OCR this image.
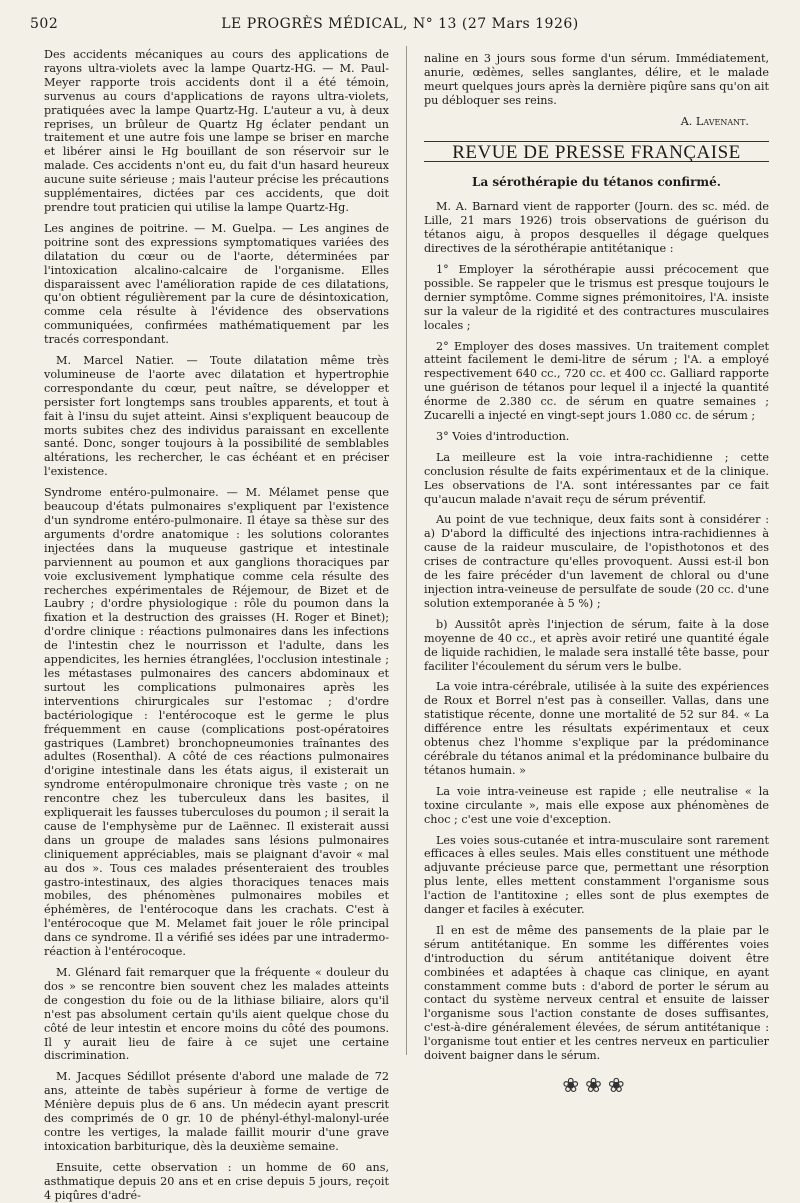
502	LE PROGRÈS MÉDICAL, N° 13 (27 Mars 1926)

Des accidents mécaniques au cours des applications de rayons ultra-violets avec la lampe Quartz-HG. — M. Paul-Meyer rapporte trois accidents dont il a été témoin, survenus au cours d'applications de rayons ultra-violets, pratiquées avec la lampe Quartz-Hg. L'auteur a vu, à deux reprises, un brûleur de Quartz Hg éclater pendant un traitement et une autre fois une lampe se briser en marche et libérer ainsi le Hg bouillant de son réservoir sur le malade. Ces accidents n'ont eu, du fait d'un hasard heureux aucune suite sérieuse ; mais l'auteur précise les précautions supplémentaires, dictées par ces accidents, que doit prendre tout praticien qui utilise la lampe Quartz-Hg.

Les angines de poitrine. — M. Guelpa. — Les angines de poitrine sont des expressions symptomatiques variées des dilatation du cœur ou de l'aorte, déterminées par l'intoxication alcalino-calcaire de l'organisme. Elles disparaissent avec l'amélioration rapide de ces dilatations, qu'on obtient régulièrement par la cure de désintoxication, comme cela résulte à l'évidence des observations communiquées, confirmées mathématiquement par les tracés correspondant.

M. Marcel Natier. — Toute dilatation même très volumineuse de l'aorte avec dilatation et hypertrophie correspondante du cœur, peut naître, se développer et persister fort longtemps sans troubles apparents, et tout à fait à l'insu du sujet atteint. Ainsi s'expliquent beaucoup de morts subites chez des individus paraissant en excellente santé. Donc, songer toujours à la possibilité de semblables altérations, les rechercher, le cas échéant et en préciser l'existence.

Syndrome entéro-pulmonaire. — M. Mélamet pense que beaucoup d'états pulmonaires s'expliquent par l'existence d'un syndrome entéro-pulmonaire. Il étaye sa thèse sur des arguments d'ordre anatomique : les solutions colorantes injectées dans la muqueuse gastrique et intestinale parviennent au poumon et aux ganglions thoraciques par voie exclusivement lymphatique comme cela résulte des recherches expérimentales de Réjemour, de Bizet et de Laubry ; d'ordre physiologique : rôle du poumon dans la fixation et la destruction des graisses (H. Roger et Binet); d'ordre clinique : réactions pulmonaires dans les infections de l'intestin chez le nourrisson et l'adulte, dans les appendicites, les hernies étranglées, l'occlusion intestinale ; les métastases pulmonaires des cancers abdominaux et surtout les complications pulmonaires après les interventions chirurgicales sur l'estomac ; d'ordre bactériologique : l'entérocoque est le germe le plus fréquemment en cause (complications post-opératoires gastriques (Lambret) bronchopneumonies traînantes des adultes (Rosenthal). A côté de ces réactions pulmonaires d'origine intestinale dans les états aigus, il existerait un syndrome entéropulmonaire chronique très vaste ; on ne rencontre chez les tuberculeux dans les basites, il expliquerait les fausses tuberculoses du poumon ; il serait la cause de l'emphysème pur de Laënnec. Il existerait aussi dans un groupe de malades sans lésions pulmonaires cliniquement appréciables, mais se plaignant d'avoir « mal au dos ». Tous ces malades présenteraient des troubles gastro-intestinaux, des algies thoraciques tenaces mais mobiles, des phénomènes pulmonaires mobiles et éphémères, de l'entérocoque dans les crachats. C'est à l'entérocoque que M. Melamet fait jouer le rôle principal dans ce syndrome. Il a vérifié ses idées par une intradermo-réaction à l'entérocoque.

M. Glénard fait remarquer que la fréquente « douleur du dos » se rencontre bien souvent chez les malades atteints de congestion du foie ou de la lithiase biliaire, alors qu'il n'est pas absolument certain qu'ils aient quelque chose du côté de leur intestin et encore moins du côté des poumons. Il y aurait lieu de faire à ce sujet une certaine discrimination.

M. Jacques Sédillot présente d'abord une malade de 72 ans, atteinte de tabès supérieur à forme de vertige de Ménière depuis plus de 6 ans. Un médecin ayant prescrit des comprimés de 0 gr. 10 de phényl-éthyl-malonyl-urée contre les vertiges, la malade faillit mourir d'une grave intoxication barbiturique, dès la deuxième semaine.

Ensuite, cette observation : un homme de 60 ans, asthmatique depuis 20 ans et en crise depuis 5 jours, reçoit 4 piqûres d'adré-

naline en 3 jours sous forme d'un sérum. Immédiatement, anurie, œdèmes, selles sanglantes, délire, et le malade meurt quelques jours après la dernière piqûre sans qu'on ait pu débloquer ses reins.

A. Lavenant.

REVUE DE PRESSE FRANÇAISE
La sérothérapie du tétanos confirmé.

M. A. Barnard vient de rapporter (Journ. des sc. méd. de Lille, 21 mars 1926) trois observations de guérison du tétanos aigu, à propos desquelles il dégage quelques directives de la sérothérapie antitétanique :

1° Employer la sérothérapie aussi précocement que possible. Se rappeler que le trismus est presque toujours le dernier symptôme. Comme signes prémonitoires, l'A. insiste sur la valeur de la rigidité et des contractures musculaires locales ;

2° Employer des doses massives. Un traitement complet atteint facilement le demi-litre de sérum ; l'A. a employé respectivement 640 cc., 720 cc. et 400 cc. Galliard rapporte une guérison de tétanos pour lequel il a injecté la quantité énorme de 2.380 cc. de sérum en quatre semaines ; Zucarelli a injecté en vingt-sept jours 1.080 cc. de sérum ;

3° Voies d'introduction.

La meilleure est la voie intra-rachidienne ; cette conclusion résulte de faits expérimentaux et de la clinique. Les observations de l'A. sont intéressantes par ce fait qu'aucun malade n'avait reçu de sérum préventif.

Au point de vue technique, deux faits sont à considérer : a) D'abord la difficulté des injections intra-rachidiennes à cause de la raideur musculaire, de l'opisthotonos et des crises de contracture qu'elles provoquent. Aussi est-il bon de les faire précéder d'un lavement de chloral ou d'une injection intra-veineuse de persulfate de soude (20 cc. d'une solution extemporanée à 5 %) ;

b) Aussitôt après l'injection de sérum, faite à la dose moyenne de 40 cc., et après avoir retiré une quantité égale de liquide rachidien, le malade sera installé tête basse, pour faciliter l'écoulement du sérum vers le bulbe.

La voie intra-cérébrale, utilisée à la suite des expériences de Roux et Borrel n'est pas à conseiller. Vallas, dans une statistique récente, donne une mortalité de 52 sur 84. « La différence entre les résultats expérimentaux et ceux obtenus chez l'homme s'explique par la prédominance cérébrale du tétanos animal et la prédominance bulbaire du tétanos humain. »

La voie intra-veineuse est rapide ; elle neutralise « la toxine circulante », mais elle expose aux phénomènes de choc ; c'est une voie d'exception.

Les voies sous-cutanée et intra-musculaire sont rarement efficaces à elles seules. Mais elles constituent une méthode adjuvante précieuse parce que, permettant une résorption plus lente, elles mettent constamment l'organisme sous l'action de l'antitoxine ; elles sont de plus exemptes de danger et faciles à exécuter.

Il en est de même des pansements de la plaie par le sérum antitétanique. En somme les différentes voies d'introduction du sérum antitétanique doivent être combinées et adaptées à chaque cas clinique, en ayant constamment comme buts : d'abord de porter le sérum au contact du système nerveux central et ensuite de laisser l'organisme sous l'action constante de doses suffisantes, c'est-à-dire généralement élevées, de sérum antitétanique : l'organisme tout entier et les centres nerveux en particulier doivent baigner dans le sérum.

❀❀❀
